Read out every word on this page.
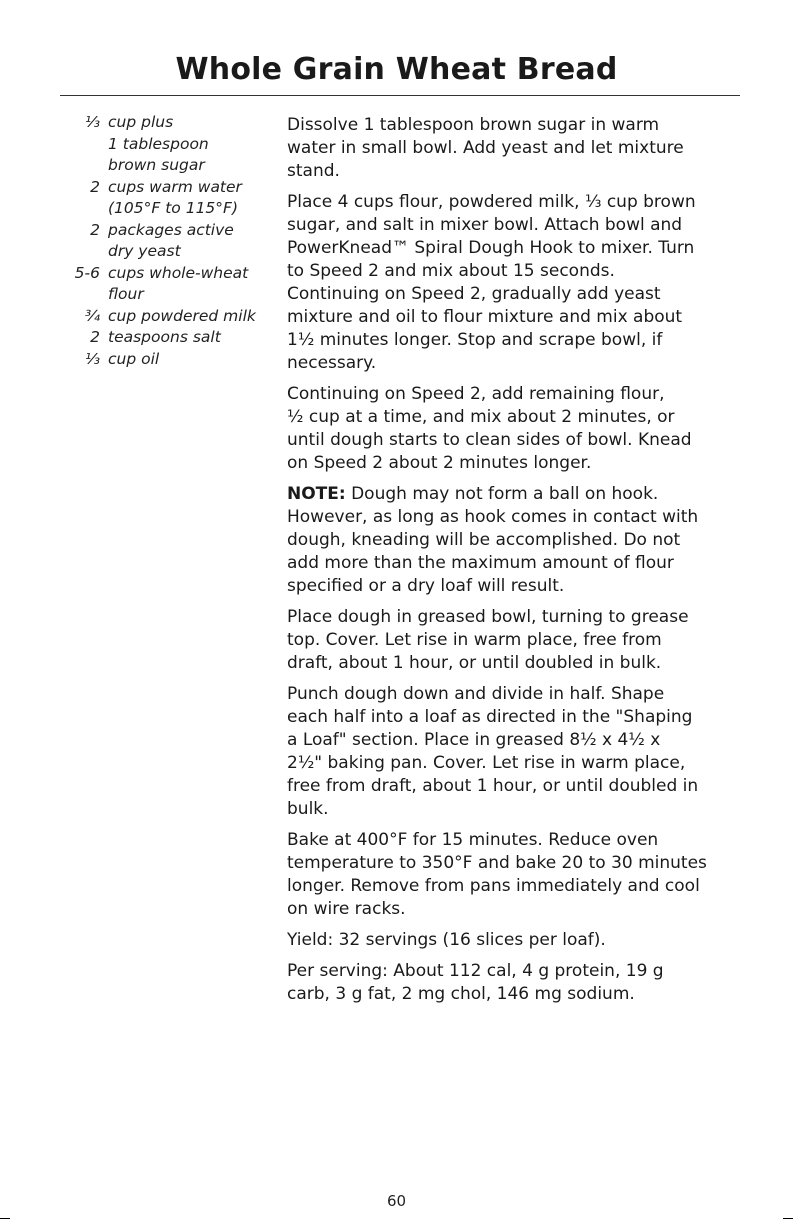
Whole Grain Wheat Bread
⅓ cup plus
1 tablespoon
brown sugar
2 cups warm water
(105°F to 115°F)
2 packages active
dry yeast
5-6 cups whole-wheat
flour
¾ cup powdered milk
2 teaspoons salt
⅓ cup oil

Dissolve 1 tablespoon brown sugar in warm
water in small bowl. Add yeast and let mixture
stand.

Place 4 cups flour, powdered milk, ⅓ cup brown
sugar, and salt in mixer bowl. Attach bowl and
PowerKnead™ Spiral Dough Hook to mixer. Turn
to Speed 2 and mix about 15 seconds.
Continuing on Speed 2, gradually add yeast
mixture and oil to flour mixture and mix about
1½ minutes longer. Stop and scrape bowl, if
necessary.

Continuing on Speed 2, add remaining flour,
½ cup at a time, and mix about 2 minutes, or
until dough starts to clean sides of bowl. Knead
on Speed 2 about 2 minutes longer.

NOTE: Dough may not form a ball on hook.
However, as long as hook comes in contact with
dough, kneading will be accomplished. Do not
add more than the maximum amount of flour
specified or a dry loaf will result.

Place dough in greased bowl, turning to grease
top. Cover. Let rise in warm place, free from
draft, about 1 hour, or until doubled in bulk.

Punch dough down and divide in half. Shape
each half into a loaf as directed in the "Shaping
a Loaf" section. Place in greased 8½ x 4½ x
2½" baking pan. Cover. Let rise in warm place,
free from draft, about 1 hour, or until doubled in
bulk.

Bake at 400°F for 15 minutes. Reduce oven
temperature to 350°F and bake 20 to 30 minutes
longer. Remove from pans immediately and cool
on wire racks.

Yield: 32 servings (16 slices per loaf).

Per serving: About 112 cal, 4 g protein, 19 g
carb, 3 g fat, 2 mg chol, 146 mg sodium.

60
